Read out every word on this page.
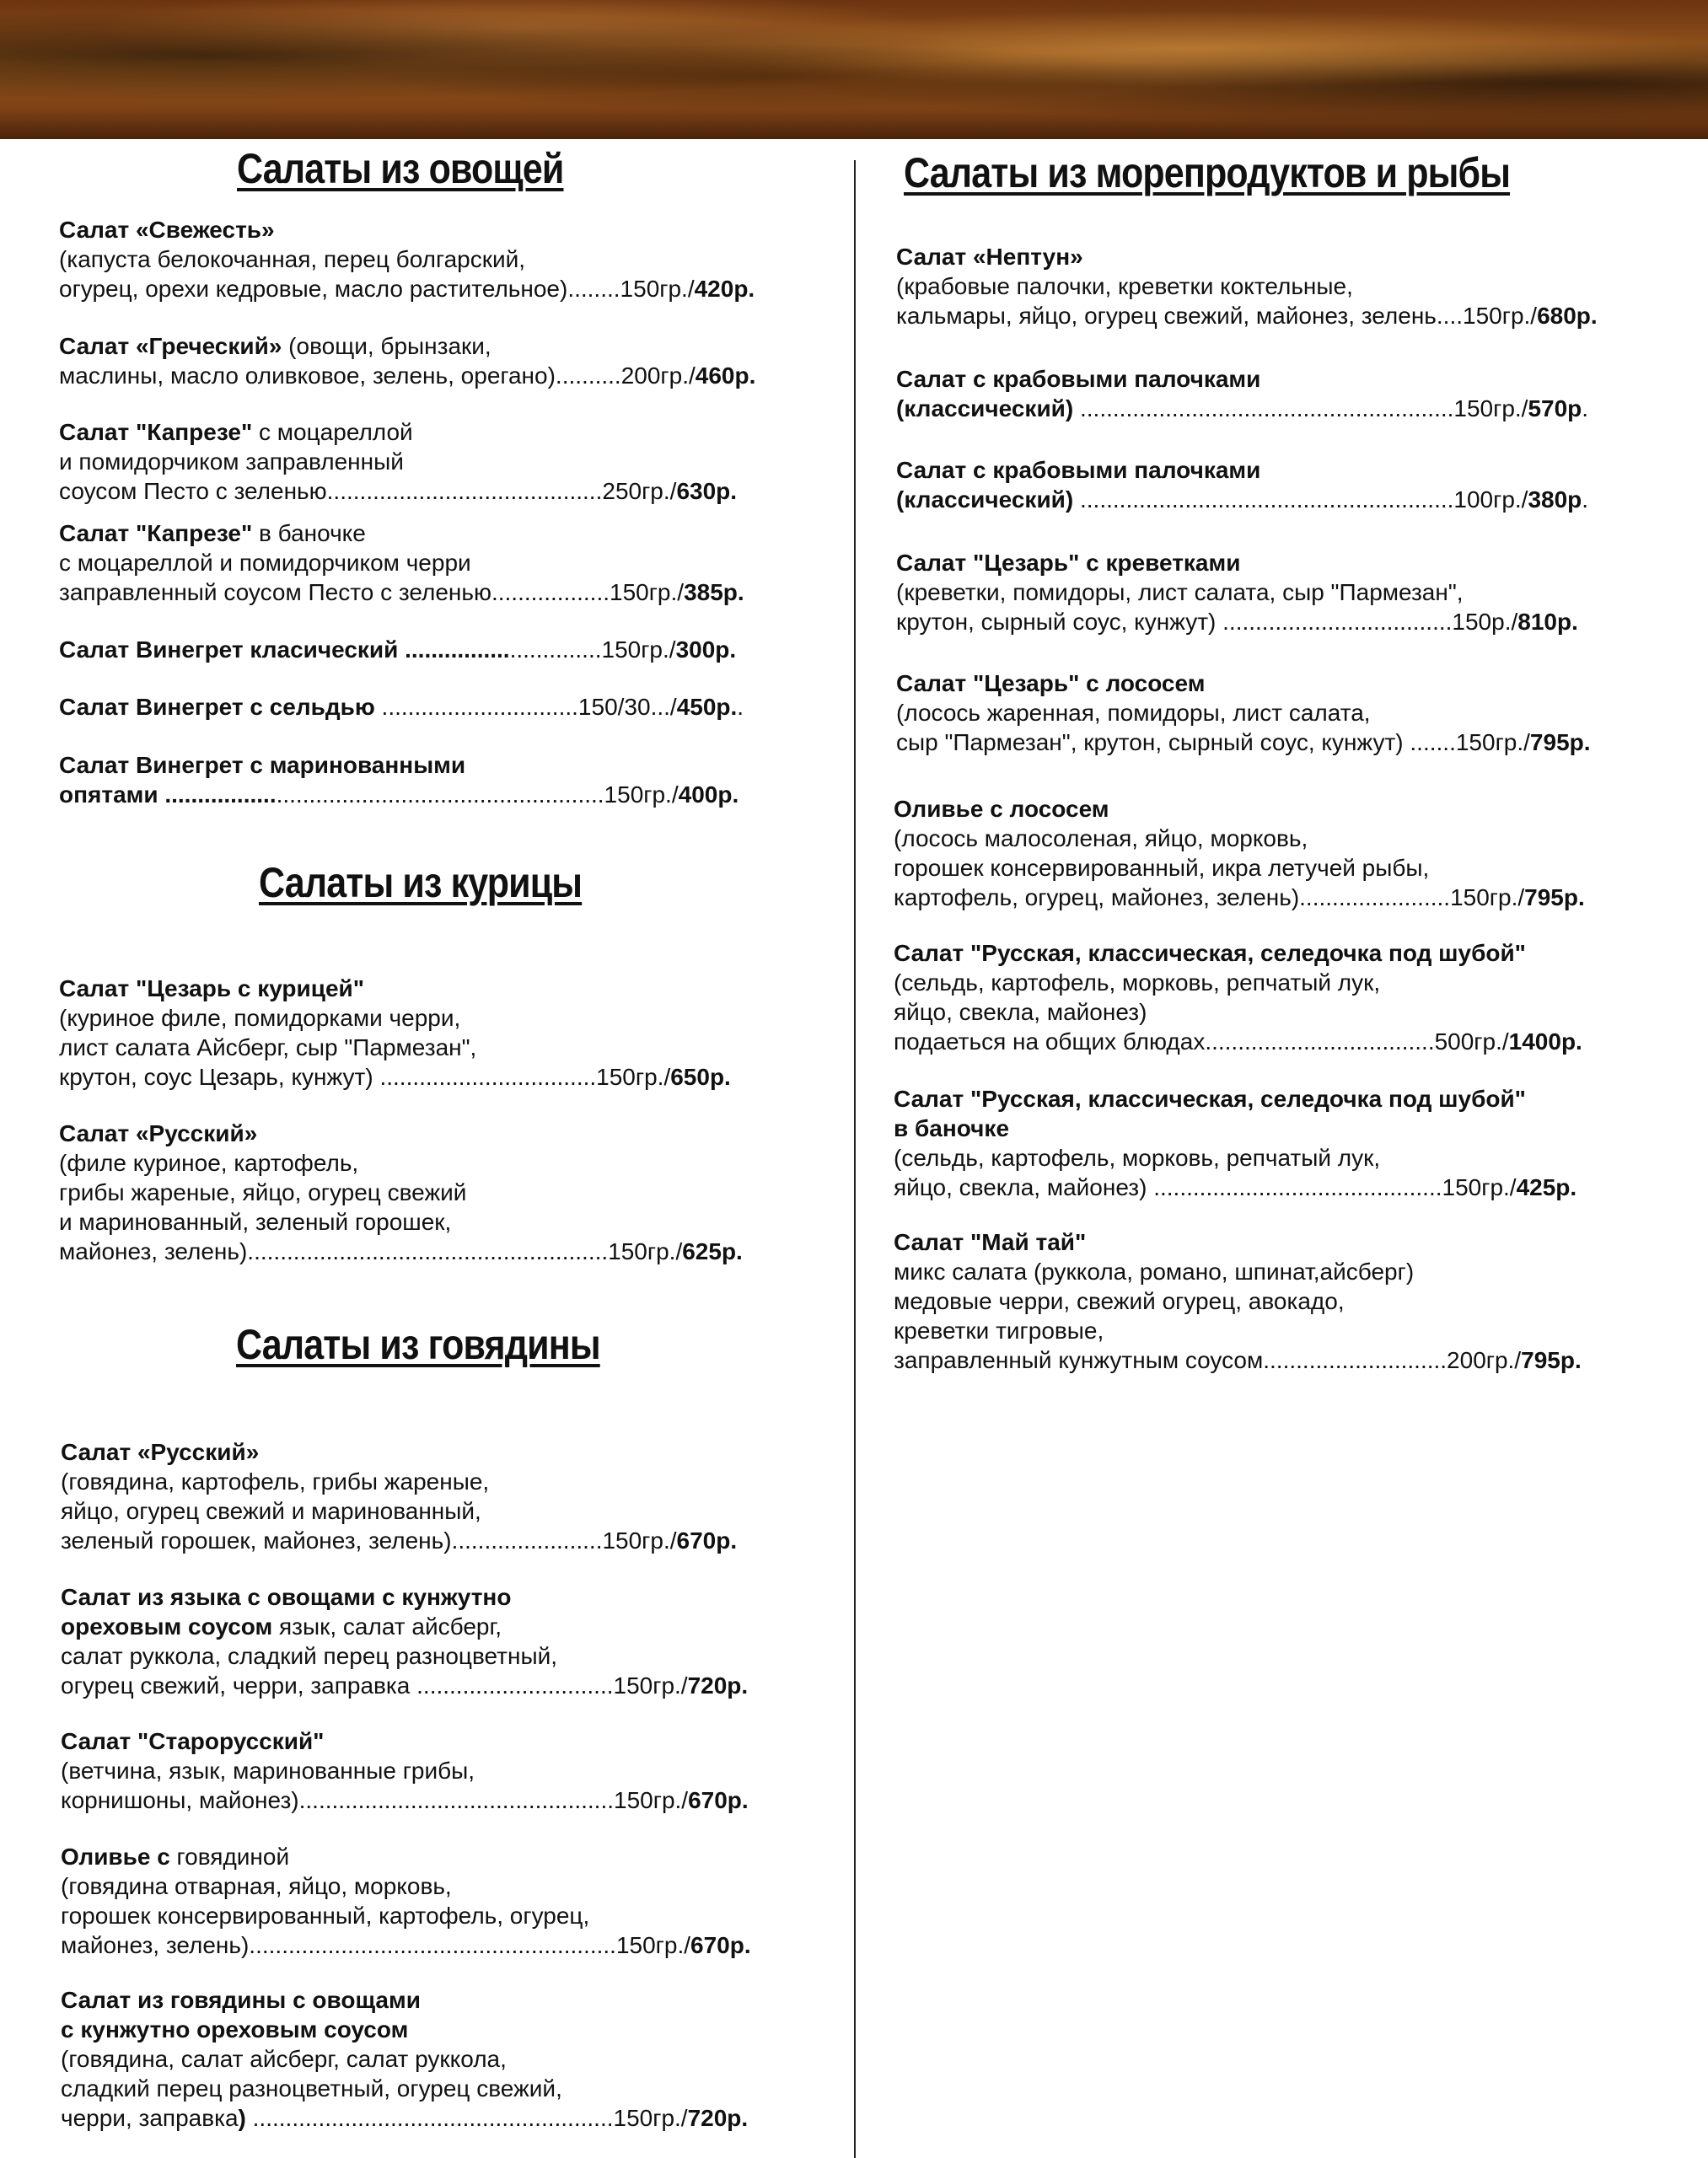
Салаты из овощей
Салат «Свежесть»
(капуста белокочанная, перец болгарский,
огурец, орехи кедровые, масло растительное)........150гр./420р.
Салат «Греческий» (овощи, брынзаки,
маслины, масло оливковое, зелень, орегано)..........200гр./460р.
Салат "Капрезе" с моцареллой
и помидорчиком заправленный
соусом Песто с зеленью..........................................250гр./630р.
Салат "Капрезе" в баночке
с моцареллой и помидорчиком черри
заправленный соусом Песто с зеленью..................150гр./385р.
Салат Винегрет класический ..............................150гр./300р.
Салат Винегрет с сельдью ..............................150/30.../450р..
Салат Винегрет с маринованными
опятами ...................................................................150гр./400р.
Салаты из курицы
Салат "Цезарь с курицей"
(куриное филе, помидорками черри,
лист салата Айсберг, сыр "Пармезан",
крутон, соус Цезарь, кунжут) .................................150гр./650р.
Салат «Русский»
(филе куриное, картофель,
грибы жареные, яйцо, огурец свежий
и маринованный, зеленый горошек,
майонез, зелень).......................................................150гр./625р.
Салаты из говядины
Салат «Русский»
(говядина, картофель, грибы жареные,
яйцо, огурец свежий и маринованный,
зеленый горошек, майонез, зелень).......................150гр./670р.
Салат из языка с овощами с кунжутно
ореховым соусом язык, салат айсберг,
салат руккола, сладкий перец разноцветный,
огурец свежий, черри, заправка ..............................150гр./720р.
Салат "Старорусский"
(ветчина, язык, маринованные грибы,
корнишоны, майонез)................................................150гр./670р.
Оливье с говядиной
(говядина отварная, яйцо, морковь,
горошек консервированный, картофель, огурец,
майонез, зелень)........................................................150гр./670р.
Салат из говядины с овощами
с кунжутно ореховым соусом
(говядина, салат айсберг, салат руккола,
сладкий перец разноцветный, огурец свежий,
черри, заправка) .......................................................150гр./720р.
Салаты из морепродуктов и рыбы
Салат «Нептун»
(крабовые палочки, креветки коктельные,
кальмары, яйцо, огурец свежий, майонез, зелень....150гр./680р.
Салат с крабовыми палочками
(классический) .........................................................150гр./570р.
Салат с крабовыми палочками
(классический) .........................................................100гр./380р.
Салат "Цезарь" с креветками
(креветки, помидоры, лист салата, сыр "Пармезан",
крутон, сырный соус, кунжут) ...................................150р./810р.
Салат "Цезарь" с лососем
(лосось жаренная, помидоры, лист салата,
сыр "Пармезан", крутон, сырный соус, кунжут) .......150гр./795р.
Оливье с лососем
(лосось малосоленая, яйцо, морковь,
горошек консервированный, икра летучей рыбы,
картофель, огурец, майонез, зелень).......................150гр./795р.
Салат "Русская, классическая, селедочка под шубой"
(сельдь, картофель, морковь, репчатый лук,
яйцо, свекла, майонез)
подаеться на общих блюдах...................................500гр./1400р.
Салат "Русская, классическая, селедочка под шубой"
в баночке
(сельдь, картофель, морковь, репчатый лук,
яйцо, свекла, майонез) ............................................150гр./425р.
Салат "Май тай"
микс салата (руккола, романо, шпинат,айсберг)
медовые черри, свежий огурец, авокадо,
креветки тигровые,
заправленный кунжутным соусом............................200гр./795р.
